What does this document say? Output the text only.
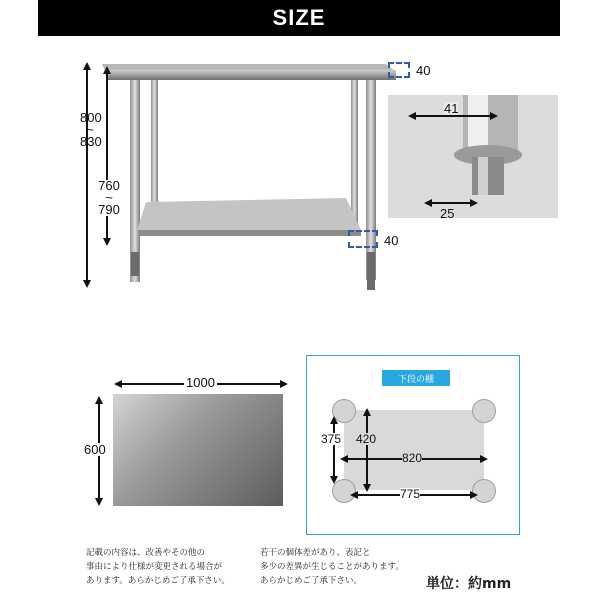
SIZE
800
~
830
760
~
790
40
40
41
25
1000
600
下段の棚
375 420
820
775
記載の内容は、改善やその他の
事由により仕様が変更される場合が
あります。あらかじめご了承下さい。
若干の個体差があり、表記と
多少の差異が生じることがあります。
あらかじめご了承下さい。	単位：約mm
